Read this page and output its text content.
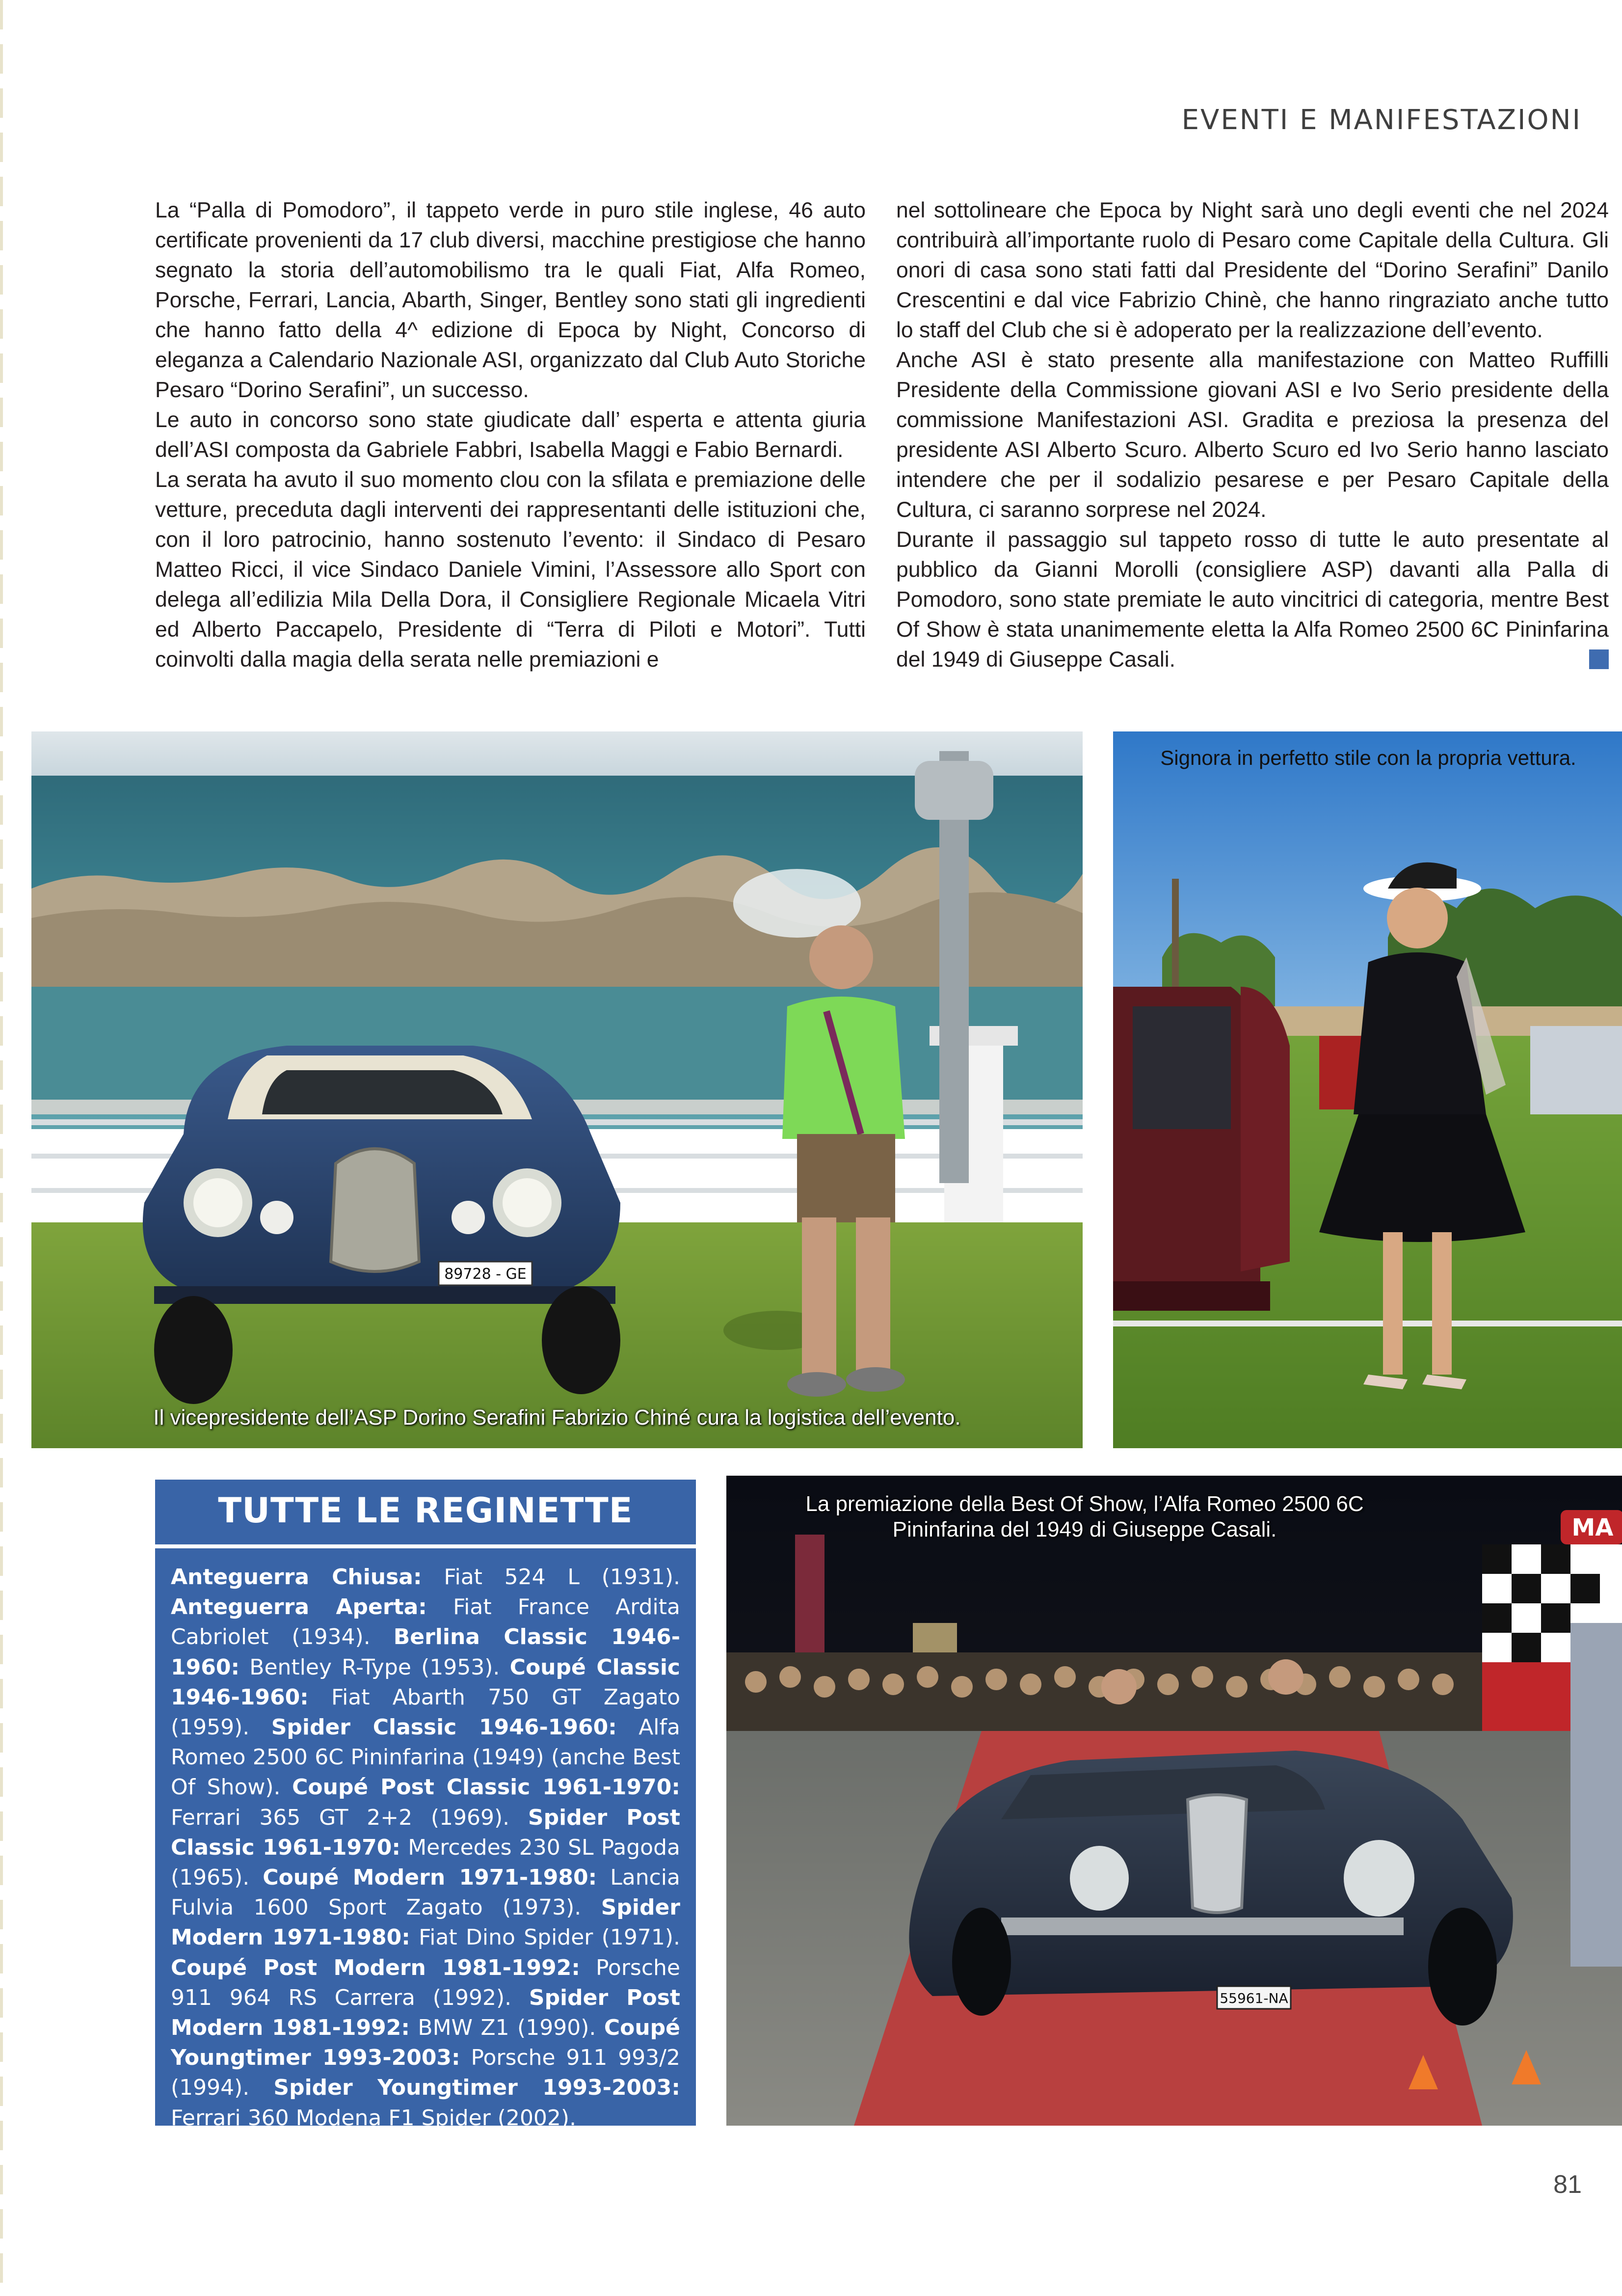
EVENTI E MANIFESTAZIONI

La “Palla di Pomodoro”, il tappeto verde in puro stile inglese, 46 auto certificate provenienti da 17 club diversi, macchine prestigiose che hanno segnato la storia dell’automobilismo tra le quali Fiat, Alfa Romeo, Porsche, Ferrari, Lancia, Abarth, Singer, Bentley sono stati gli ingredienti che hanno fatto della 4^ edizione di Epoca by Night, Concorso di eleganza a Calendario Nazionale ASI, organizzato dal Club Auto Storiche Pesaro “Dorino Serafini”, un successo.

Le auto in concorso sono state giudicate dall’ esperta e attenta giuria dell’ASI composta da Gabriele Fabbri, Isabella Maggi e Fabio Bernardi.

La serata ha avuto il suo momento clou con la sfilata e premiazione delle vetture, preceduta dagli interventi dei rappresentanti delle istituzioni che, con il loro patrocinio, hanno sostenuto l’evento: il Sindaco di Pesaro Matteo Ricci, il vice Sindaco Daniele Vimini, l’Assessore allo Sport con delega all’edilizia Mila Della Dora, il Consigliere Regionale Micaela Vitri ed Alberto Paccapelo, Presidente di “Terra di Piloti e Motori”. Tutti coinvolti dalla magia della serata nelle premiazioni e

nel sottolineare che Epoca by Night sarà uno degli eventi che nel 2024 contribuirà all’importante ruolo di Pesaro come Capitale della Cultura. Gli onori di casa sono stati fatti dal Presidente del “Dorino Serafini” Danilo Crescentini e dal vice Fabrizio Chinè, che hanno ringraziato anche tutto lo staff del Club che si è adoperato per la realizzazione dell’evento.

Anche ASI è stato presente alla manifestazione con Matteo Ruffilli Presidente della Commissione giovani ASI e Ivo Serio presidente della commissione Manifestazioni ASI. Gradita e preziosa la presenza del presidente ASI Alberto Scuro. Alberto Scuro ed Ivo Serio hanno lasciato intendere che per il sodalizio pesarese e per Pesaro Capitale della Cultura, ci saranno sorprese nel 2024.

Durante il passaggio sul tappeto rosso di tutte le auto presentate al pubblico da Gianni Morolli (consigliere ASP) davanti alla Palla di Pomodoro, sono state premiate le auto vincitrici di categoria, mentre Best Of Show è stata unanimemente eletta la Alfa Romeo 2500 6C Pininfarina del 1949 di Giuseppe Casali.

89728 - GE
Il vicepresidente dell’ASP Dorino Serafini Fabrizio Chiné cura la logistica dell’evento.
Signora in perfetto stile con la propria vettura.
TUTTE LE REGINETTE
Anteguerra Chiusa: Fiat 524 L (1931). Anteguerra Aperta: Fiat France Ardita Cabriolet (1934). Berlina Classic 1946-1960: Bentley R-Type (1953). Coupé Classic 1946-1960: Fiat Abarth 750 GT Zagato (1959). Spider Classic 1946-1960: Alfa Romeo 2500 6C Pininfarina (1949) (anche Best Of Show). Coupé Post Classic 1961-1970: Ferrari 365 GT 2+2 (1969). Spider Post Classic 1961-1970: Mercedes 230 SL Pagoda (1965). Coupé Modern 1971-1980: Lancia Fulvia 1600 Sport Zagato (1973). Spider Modern 1971-1980: Fiat Dino Spider (1971). Coupé Post Modern 1981-1992: Porsche 911 964 RS Carrera (1992). Spider Post Modern 1981-1992: BMW Z1 (1990). Coupé Youngtimer 1993-2003: Porsche 911 993/2 (1994). Spider Youngtimer 1993-2003: Ferrari 360 Modena F1 Spider (2002).
MA
55961-NA
La premiazione della Best Of Show, l’Alfa Romeo 2500 6C Pininfarina del 1949 di Giuseppe Casali.
81
